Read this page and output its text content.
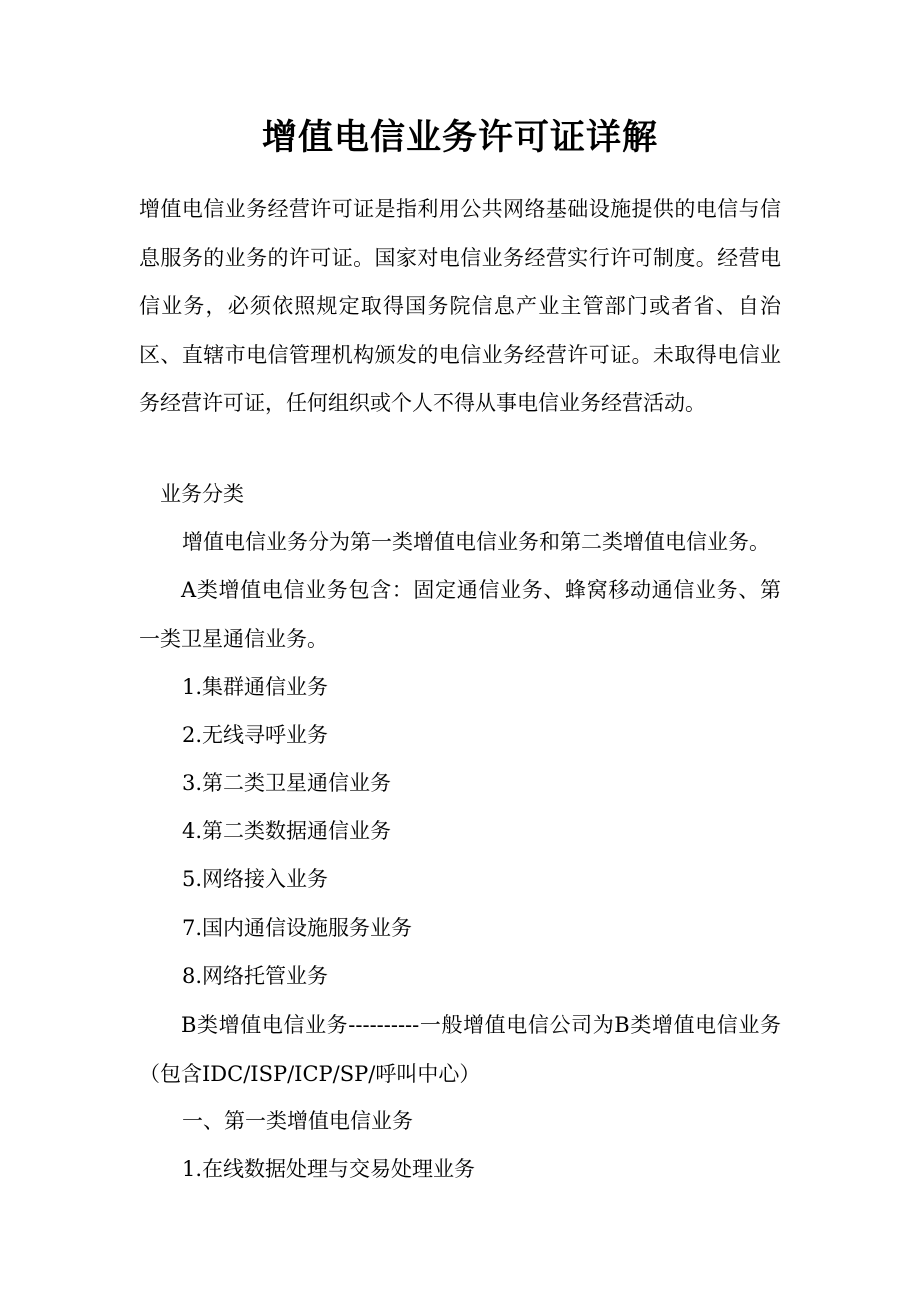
增值电信业务许可证详解

增值电信业务经营许可证是指利用公共网络基础设施提供的电信与信息服务的业务的许可证。国家对电信业务经营实行许可制度。经营电信业务，必须依照规定取得国务院信息产业主管部门或者省、自治区、直辖市电信管理机构颁发的电信业务经营许可证。未取得电信业务经营许可证，任何组织或个人不得从事电信业务经营活动。

业务分类

增值电信业务分为第一类增值电信业务和第二类增值电信业务。

A类增值电信业务包含：固定通信业务、蜂窝移动通信业务、第一类卫星通信业务。

1.集群通信业务

2.无线寻呼业务

3.第二类卫星通信业务

4.第二类数据通信业务

5.网络接入业务

7.国内通信设施服务业务

8.网络托管业务

B类增值电信业务----------一般增值电信公司为B类增值电信业务（包含IDC/ISP/ICP/SP/呼叫中心）

一、第一类增值电信业务

1.在线数据处理与交易处理业务
